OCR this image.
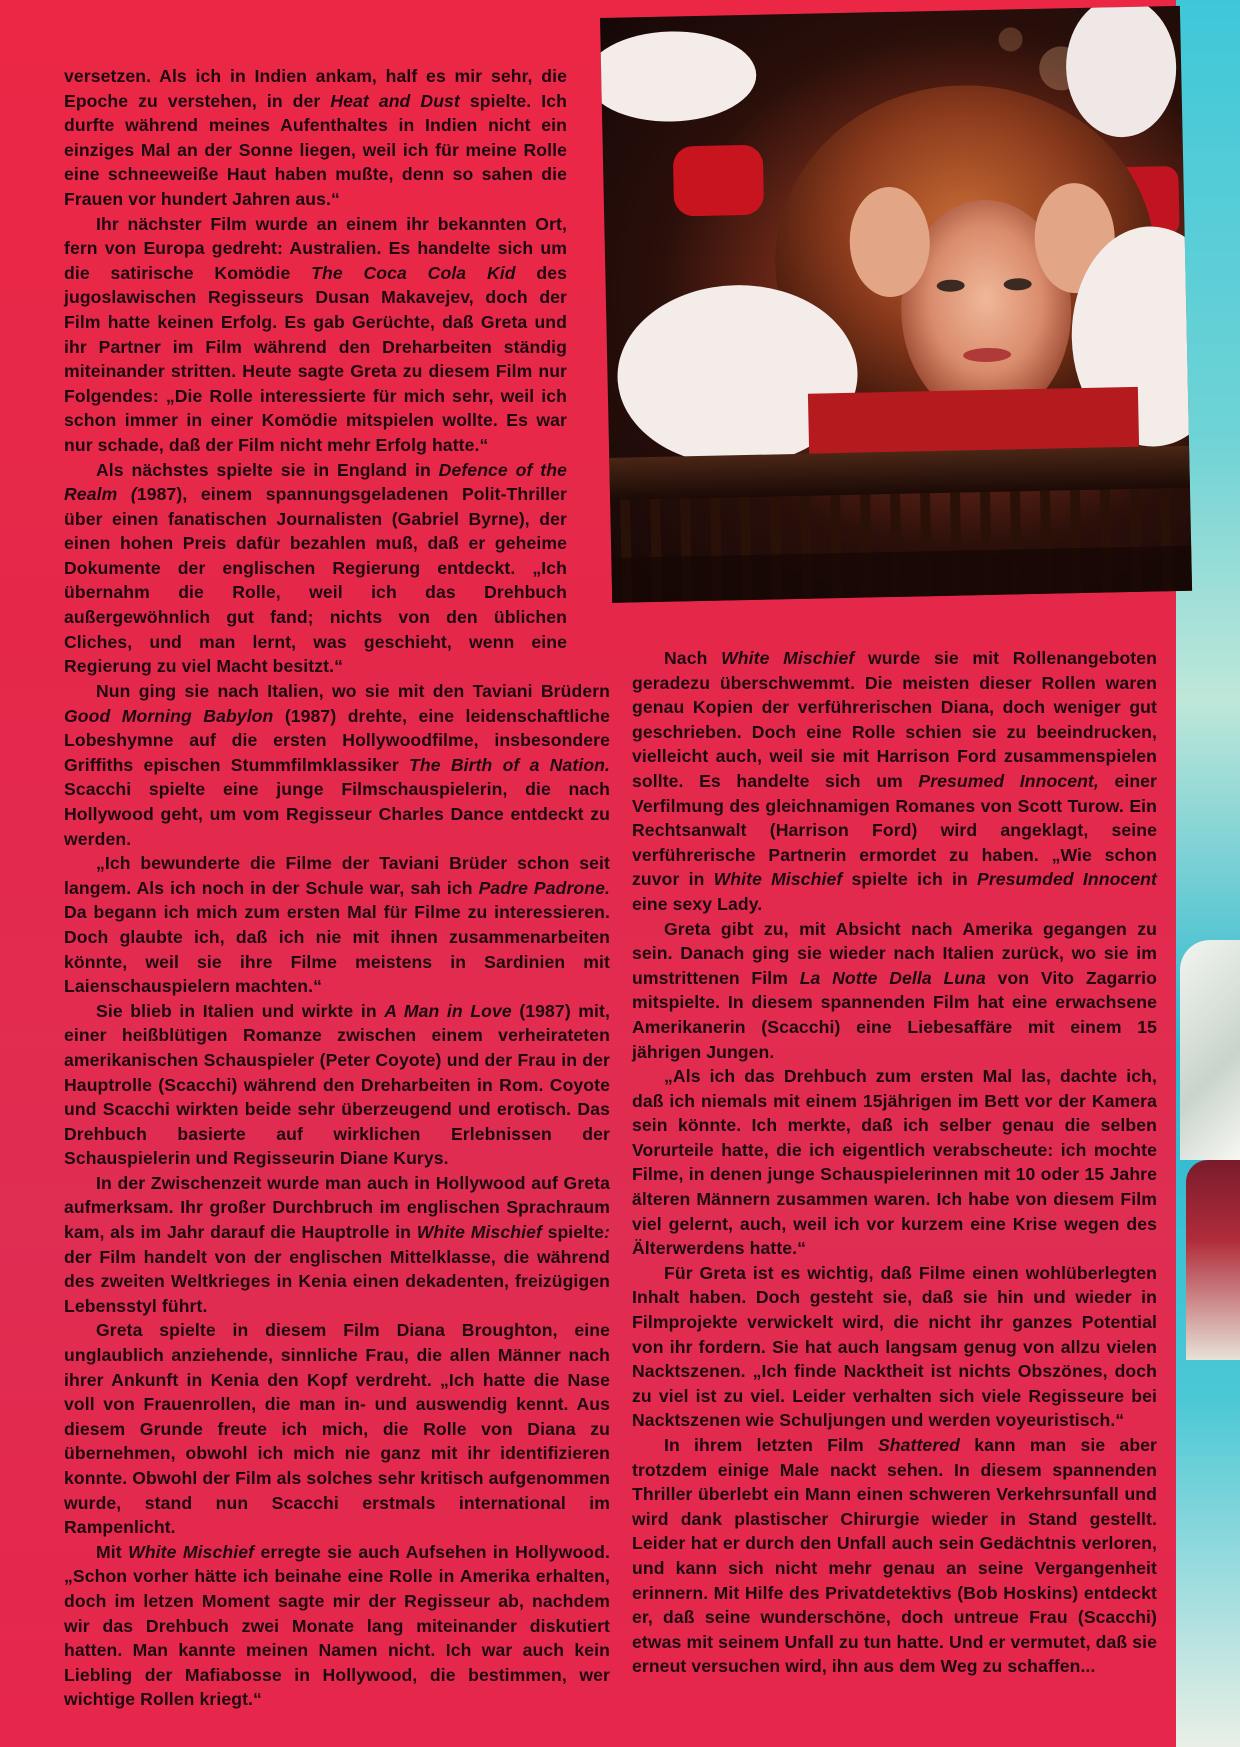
versetzen. Als ich in Indien ankam, half es mir sehr, die Epoche zu verstehen, in der Heat and Dust spielte. Ich durfte während meines Aufenthaltes in Indien nicht ein einziges Mal an der Sonne liegen, weil ich für meine Rolle eine schneeweiße Haut haben mußte, denn so sahen die Frauen vor hundert Jahren aus.“

Ihr nächster Film wurde an einem ihr bekannten Ort, fern von Europa gedreht: Australien. Es handelte sich um die satirische Komödie The Coca Cola Kid des jugoslawischen Regisseurs Dusan Makavejev, doch der Film hatte keinen Erfolg. Es gab Gerüchte, daß Greta und ihr Partner im Film während den Dreharbeiten ständig miteinander stritten. Heute sagte Greta zu diesem Film nur Folgendes: „Die Rolle interessierte für mich sehr, weil ich schon immer in einer Komödie mitspielen wollte. Es war nur schade, daß der Film nicht mehr Erfolg hatte.“

Als nächstes spielte sie in England in Defence of the Realm (1987), einem spannungsgeladenen Polit-Thriller über einen fanatischen Journalisten (Gabriel Byrne), der einen hohen Preis dafür bezahlen muß, daß er geheime Dokumente der englischen Regierung entdeckt. „Ich übernahm die Rolle, weil ich das Drehbuch außergewöhnlich gut fand; nichts von den üblichen Cliches, und man lernt, was geschieht, wenn eine Regierung zu viel Macht besitzt.“

Nun ging sie nach Italien, wo sie mit den Taviani Brüdern Good Morning Babylon (1987) drehte, eine leidenschaftliche Lobeshymne auf die ersten Hollywoodfilme, insbesondere Griffiths epischen Stummfilmklassiker The Birth of a Nation. Scacchi spielte eine junge Filmschauspielerin, die nach Hollywood geht, um vom Regisseur Charles Dance entdeckt zu werden.

„Ich bewunderte die Filme der Taviani Brüder schon seit langem. Als ich noch in der Schule war, sah ich Padre Padrone. Da begann ich mich zum ersten Mal für Filme zu interessieren. Doch glaubte ich, daß ich nie mit ihnen zusammenarbeiten könnte, weil sie ihre Filme meistens in Sardinien mit Laienschauspielern machten.“

Sie blieb in Italien und wirkte in A Man in Love (1987) mit, einer heißblütigen Romanze zwischen einem verheirateten amerikanischen Schauspieler (Peter Coyote) und der Frau in der Hauptrolle (Scacchi) während den Dreharbeiten in Rom. Coyote und Scacchi wirkten beide sehr überzeugend und erotisch. Das Drehbuch basierte auf wirklichen Erlebnissen der Schauspielerin und Regisseurin Diane Kurys.

In der Zwischenzeit wurde man auch in Hollywood auf Greta aufmerksam. Ihr großer Durchbruch im englischen Sprachraum kam, als im Jahr darauf die Hauptrolle in White Mischief spielte: der Film handelt von der englischen Mittelklasse, die während des zweiten Weltkrieges in Kenia einen dekadenten, freizügigen Lebensstyl führt.

Greta spielte in diesem Film Diana Broughton, eine unglaublich anziehende, sinnliche Frau, die allen Männer nach ihrer Ankunft in Kenia den Kopf verdreht. „Ich hatte die Nase voll von Frauenrollen, die man in- und auswendig kennt. Aus diesem Grunde freute ich mich, die Rolle von Diana zu übernehmen, obwohl ich mich nie ganz mit ihr identifizieren konnte. Obwohl der Film als solches sehr kritisch aufgenommen wurde, stand nun Scacchi erstmals international im Rampenlicht.

Mit White Mischief erregte sie auch Aufsehen in Hollywood. „Schon vorher hätte ich beinahe eine Rolle in Amerika erhalten, doch im letzen Moment sagte mir der Regisseur ab, nachdem wir das Drehbuch zwei Monate lang miteinander diskutiert hatten. Man kannte meinen Namen nicht. Ich war auch kein Liebling der Mafiabosse in Hollywood, die bestimmen, wer wichtige Rollen kriegt.“

Nach White Mischief wurde sie mit Rollenangeboten geradezu überschwemmt. Die meisten dieser Rollen waren genau Kopien der verführerischen Diana, doch weniger gut geschrieben. Doch eine Rolle schien sie zu beeindrucken, vielleicht auch, weil sie mit Harrison Ford zusammenspielen sollte. Es handelte sich um Presumed Innocent, einer Verfilmung des gleichnamigen Romanes von Scott Turow. Ein Rechtsanwalt (Harrison Ford) wird angeklagt, seine verführerische Partnerin ermordet zu haben. „Wie schon zuvor in White Mischief spielte ich in Presumded Innocent eine sexy Lady.

Greta gibt zu, mit Absicht nach Amerika gegangen zu sein. Danach ging sie wieder nach Italien zurück, wo sie im umstrittenen Film La Notte Della Luna von Vito Zagarrio mitspielte. In diesem spannenden Film hat eine erwachsene Amerikanerin (Scacchi) eine Liebesaffäre mit einem 15 jährigen Jungen.

„Als ich das Drehbuch zum ersten Mal las, dachte ich, daß ich niemals mit einem 15jährigen im Bett vor der Kamera sein könnte. Ich merkte, daß ich selber genau die selben Vorurteile hatte, die ich eigentlich verabscheute: ich mochte Filme, in denen junge Schauspielerinnen mit 10 oder 15 Jahre älteren Männern zusammen waren. Ich habe von diesem Film viel gelernt, auch, weil ich vor kurzem eine Krise wegen des Älterwerdens hatte.“

Für Greta ist es wichtig, daß Filme einen wohlüberlegten Inhalt haben. Doch gesteht sie, daß sie hin und wieder in Filmprojekte verwickelt wird, die nicht ihr ganzes Potential von ihr fordern. Sie hat auch langsam genug von allzu vielen Nacktszenen. „Ich finde Nacktheit ist nichts Obszönes, doch zu viel ist zu viel. Leider verhalten sich viele Regisseure bei Nacktszenen wie Schuljungen und werden voyeuristisch.“

In ihrem letzten Film Shattered kann man sie aber trotzdem einige Male nackt sehen. In diesem spannenden Thriller überlebt ein Mann einen schweren Verkehrsunfall und wird dank plastischer Chirurgie wieder in Stand gestellt. Leider hat er durch den Unfall auch sein Gedächtnis verloren, und kann sich nicht mehr genau an seine Vergangenheit erinnern. Mit Hilfe des Privatdetektivs (Bob Hoskins) entdeckt er, daß seine wunderschöne, doch untreue Frau (Scacchi) etwas mit seinem Unfall zu tun hatte. Und er vermutet, daß sie erneut versuchen wird, ihn aus dem Weg zu schaffen...
